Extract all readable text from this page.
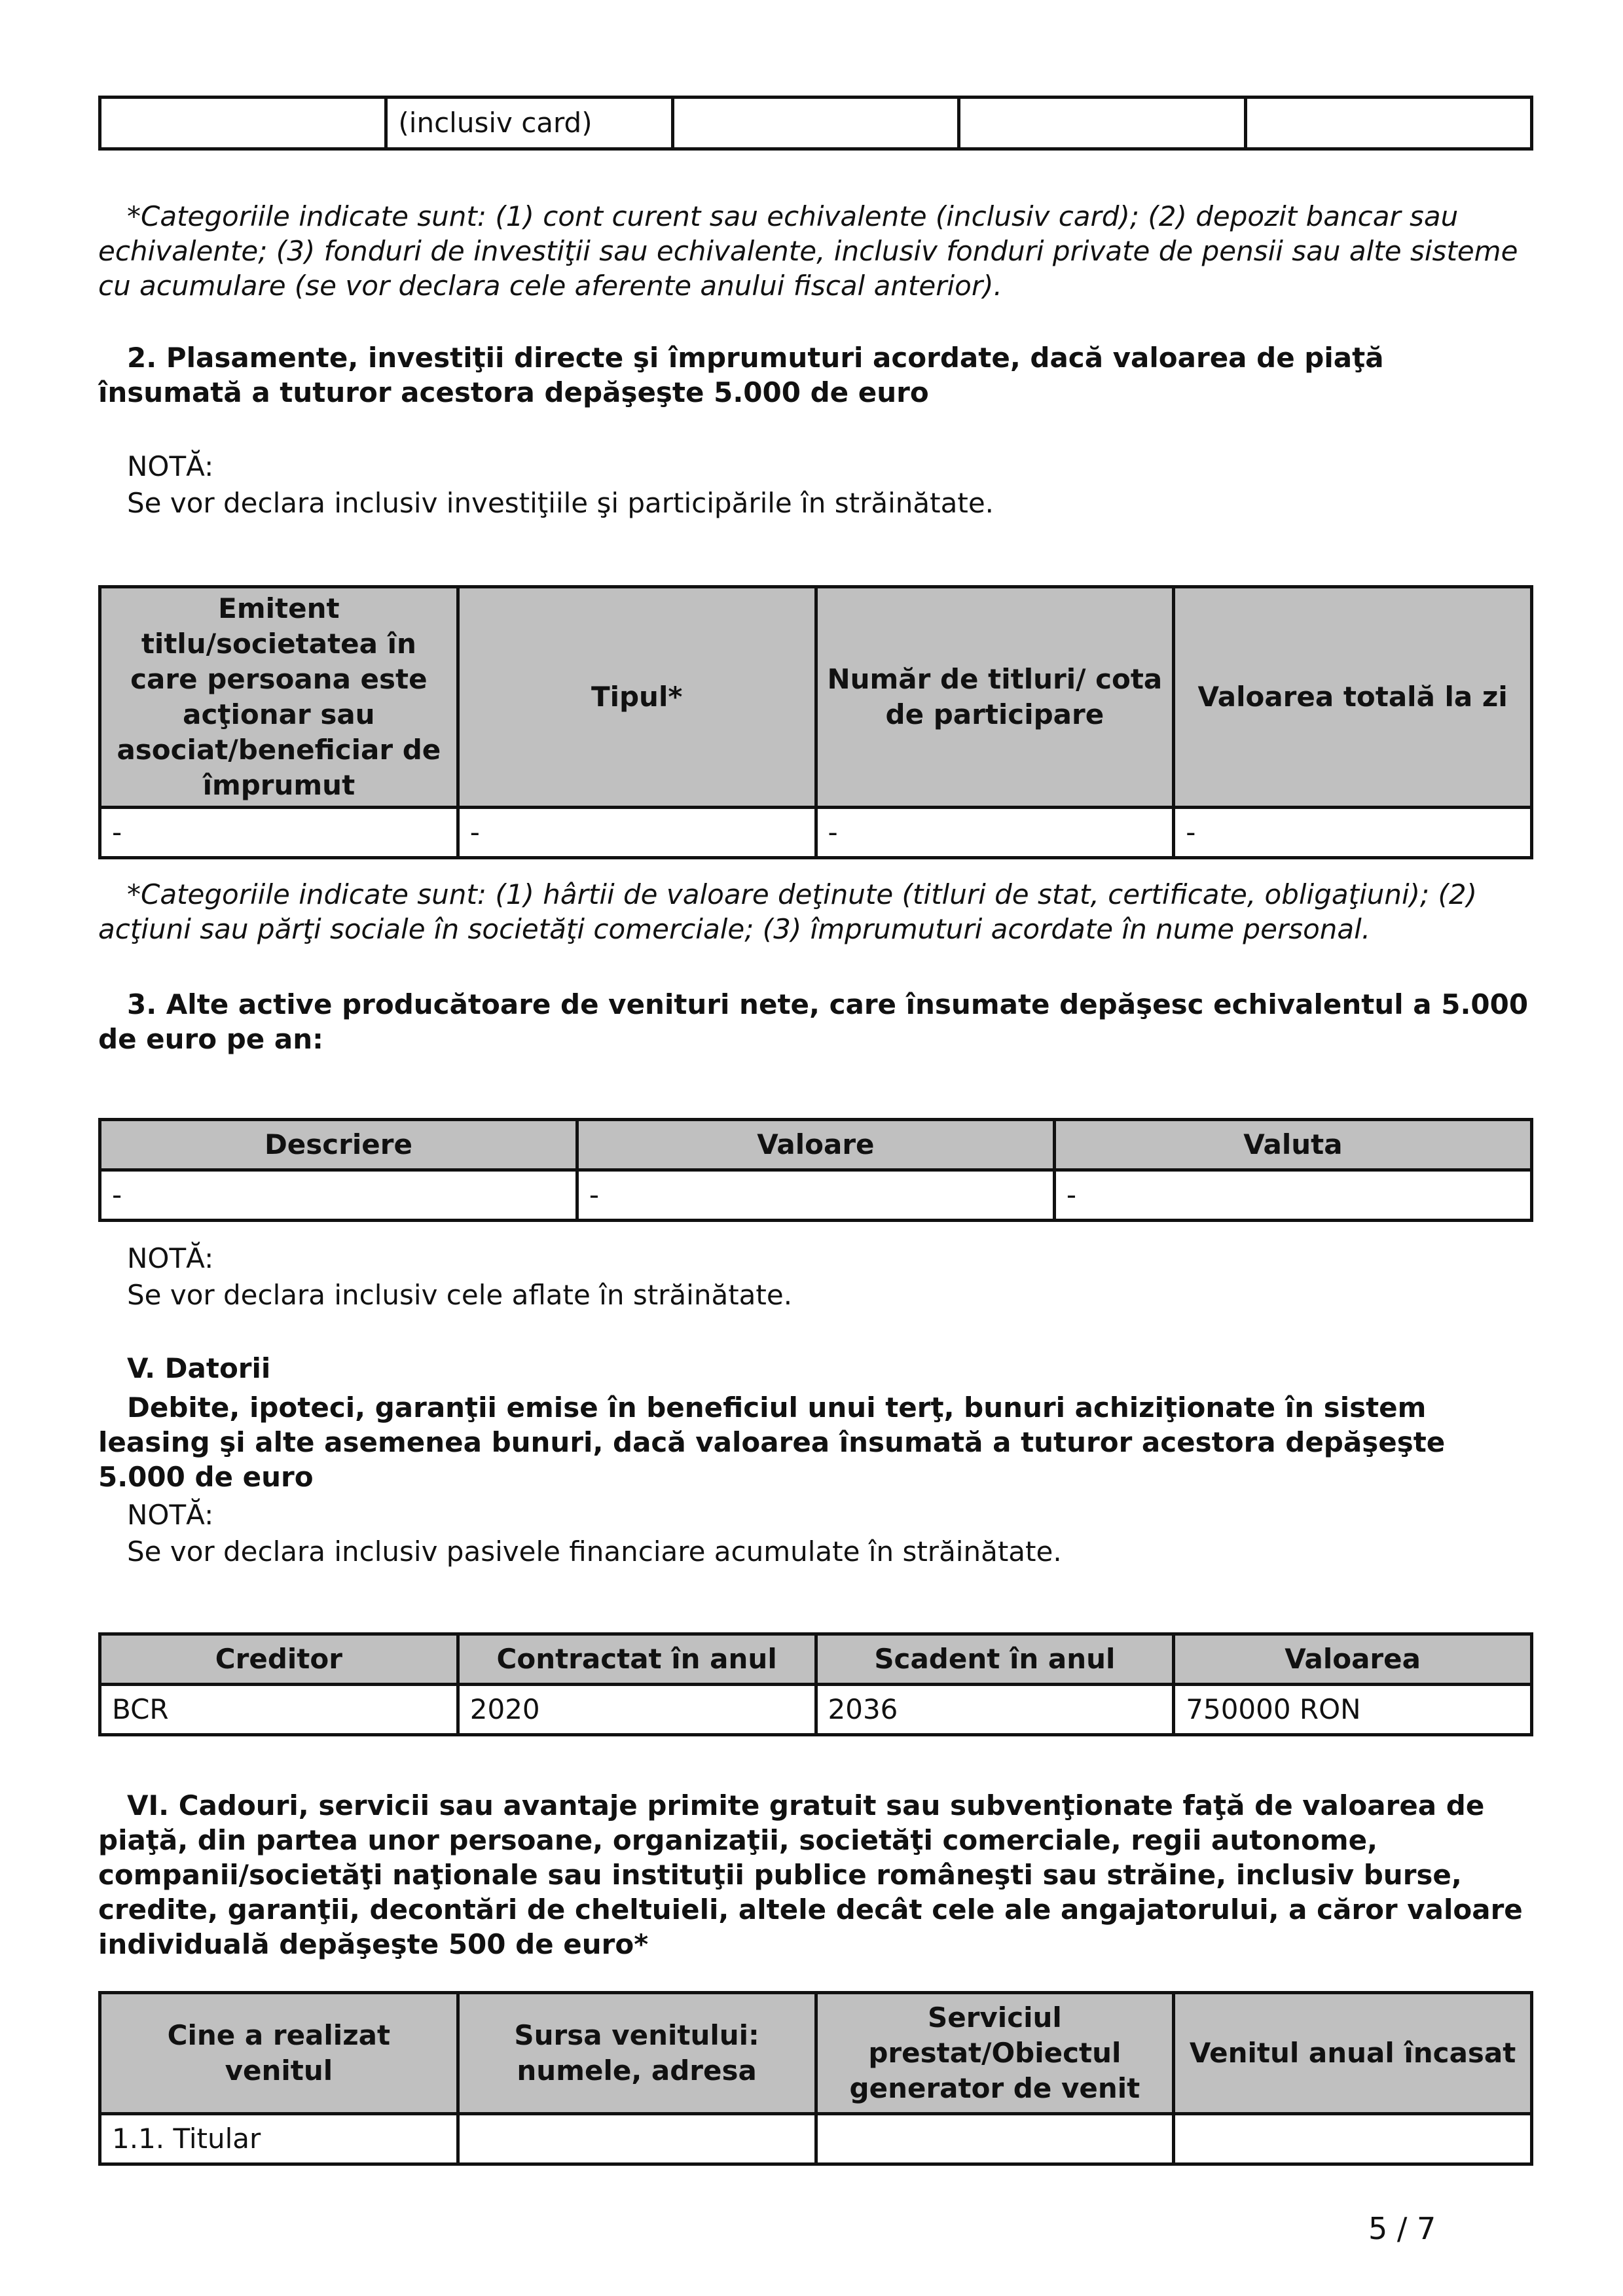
	(inclusiv card)			

*Categoriile indicate sunt: (1) cont curent sau echivalente (inclusiv card); (2) depozit bancar sau echivalente; (3) fonduri de investiţii sau echivalente, inclusiv fonduri private de pensii sau alte sisteme cu acumulare (se vor declara cele aferente anului fiscal anterior).

2. Plasamente, investiţii directe şi împrumuturi acordate, dacă valoarea de piaţă însumată a tuturor acestora depăşeşte 5.000 de euro

NOTĂ:

Se vor declara inclusiv investiţiile şi participările în străinătate.

Emitent titlu/societatea în care persoana este acţionar sau asociat/beneficiar de împrumut	Tipul*	Număr de titluri/ cota de participare	Valoarea totală la zi
-	-	-	-

*Categoriile indicate sunt: (1) hârtii de valoare deţinute (titluri de stat, certificate, obligaţiuni); (2) acţiuni sau părţi sociale în societăţi comerciale; (3) împrumuturi acordate în nume personal.

3. Alte active producătoare de venituri nete, care însumate depăşesc echivalentul a 5.000 de euro pe an:

Descriere	Valoare	Valuta
-	-	-

NOTĂ:

Se vor declara inclusiv cele aflate în străinătate.

V. Datorii

Debite, ipoteci, garanţii emise în beneficiul unui terţ, bunuri achiziţionate în sistem leasing şi alte asemenea bunuri, dacă valoarea însumată a tuturor acestora depăşeşte 5.000 de euro

NOTĂ:

Se vor declara inclusiv pasivele financiare acumulate în străinătate.

Creditor	Contractat în anul	Scadent în anul	Valoarea
BCR	2020	2036	750000 RON

VI. Cadouri, servicii sau avantaje primite gratuit sau subvenţionate faţă de valoarea de piaţă, din partea unor persoane, organizaţii, societăţi comerciale, regii autonome, companii/societăţi naţionale sau instituţii publice româneşti sau străine, inclusiv burse, credite, garanţii, decontări de cheltuieli, altele decât cele ale angajatorului, a căror valoare individuală depăşeşte 500 de euro*

Cine a realizat venitul	Sursa venitului: numele, adresa	Serviciul prestat/Obiectul generator de venit	Venitul anual încasat
1.1. Titular			
5 / 7
